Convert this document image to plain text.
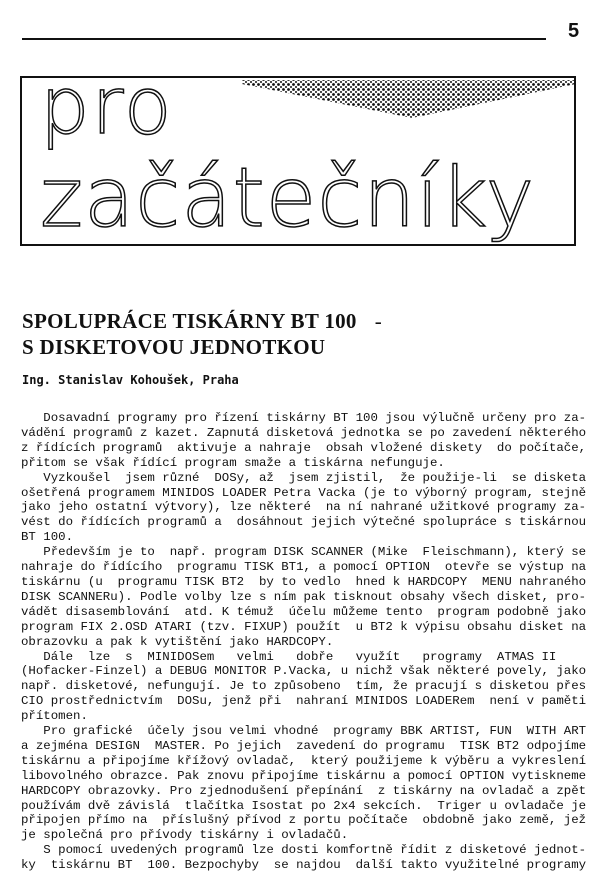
5
pro
začátečníky
SPOLUPRÁCE TISKÁRNY BT 100 -
S DISKETOVOU JEDNOTKOU
Ing. Stanislav Kohoušek, Praha
Dosavadní programy pro řízení tiskárny BT 100 jsou výlučně určeny pro za-
vádění programů z kazet. Zapnutá disketová jednotka se po zavedení některého
z řídících programů  aktivuje a nahraje  obsah vložené diskety  do počítače,
přitom se však řídící program smaže a tiskárna nefunguje.
Vyzkoušel  jsem různé  DOSy, až  jsem zjistil,  že použije-li  se disketa
ošetřená programem MINIDOS LOADER Petra Vacka (je to výborný program, stejně
jako jeho ostatní výtvory), lze některé  na ní nahrané užitkové programy za-
vést do řídících programů a  dosáhnout jejich výtečné spolupráce s tiskárnou
BT 100.
Především je to  např. program DISK SCANNER (Mike  Fleischmann), který se
nahraje do řídícího  programu TISK BT1, a pomocí OPTION  otevře se výstup na
tiskárnu (u  programu TISK BT2  by to vedlo  hned k HARDCOPY  MENU nahraného
DISK SCANNERu). Podle volby lze s ním pak tisknout obsahy všech disket, pro-
vádět disasemblování  atd. K témuž  účelu můžeme tento  program podobně jako
program FIX 2.OSD ATARI (tzv. FIXUP) použít  u BT2 k výpisu obsahu disket na
obrazovku a pak k vytištění jako HARDCOPY.
Dále  lze  s  MINIDOSem   velmi   dobře   využít   programy  ATMAS II
(Hofacker-Finzel) a DEBUG MONITOR P.Vacka, u nichž však některé povely, jako
např. disketové, nefungují. Je to způsobeno  tím, že pracují s disketou přes
CIO prostřednictvím  DOSu, jenž při  nahraní MINIDOS LOADERem  není v paměti
přítomen.
Pro grafické  účely jsou velmi vhodné  programy BBK ARTIST, FUN  WITH ART
a zejména DESIGN  MASTER. Po jejich  zavedení do programu  TISK BT2 odpojíme
tiskárnu a připojíme křížový ovladač,  který použijeme k výběru a vykreslení
libovolného obrazce. Pak znovu připojíme tiskárnu a pomocí OPTION vytiskneme
HARDCOPY obrazovky. Pro zjednodušení přepínání  z tiskárny na ovladač a zpět
používám dvě závislá  tlačítka Isostat po 2x4 sekcích.  Triger u ovladače je
připojen přímo na  příslušný přívod z portu počítače  obdobně jako země, jež
je společná pro přívody tiskárny i ovladačů.
S pomocí uvedených programů lze dosti komfortně řídit z disketové jednot-
ky  tiskárnu BT  100. Bezpochyby  se najdou  další takto využitelné programy
